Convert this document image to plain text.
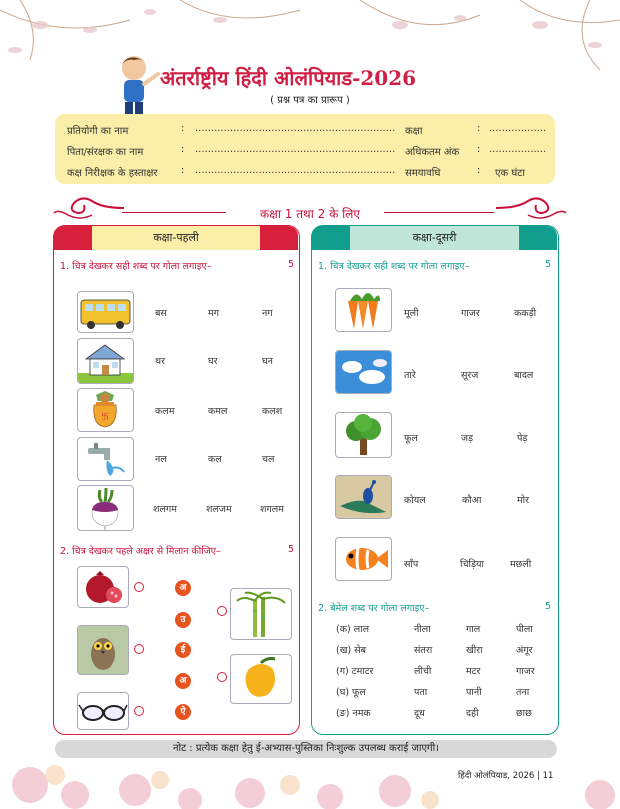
अंतर्राष्ट्रीय हिंदी ओलंपियाड-2026
( प्रश्न पत्र का प्रारूप )
प्रतियोगी का नाम	: ...............................................................
पिता/संरक्षक का नाम	: ...............................................................
कक्ष निरीक्षक के हस्ताक्षर : ...............................................................
कक्षा	: ..................
अधिकतम अंक : ..................
समयावधि	: एक घंटा
कक्षा 1 तथा 2 के लिए
कक्षा-पहली
1. चित्र देखकर सही शब्द पर गोला लगाइए–	5
बस	मग	नग
थर	घर	घन
卐	कलम	कमल	कलश
नल	कल	चल
शलगम	शलजम	शगलम
2. चित्र देखकर पहले अक्षर से मिलान कीजिए–	5
अ
उ
ई
अ
ऐ
कक्षा-दूसरी
1. चित्र देखकर सही शब्द पर गोला लगाइए–	5
मूली	गाजर	ककड़ी
तारे	सूरज	बादल
फूल	जड़	पेड़
कोयल	कौआ	मोर
साँप	चिड़िया	मछली
2. बेमेल शब्द पर गोला लगाइए–	5
(क) लाल	नीला	गाल	पीला
(ख) सेब	संतरा	खीरा	अंगूर
(ग) टमाटर	लीची	मटर	गाजर
(घ) फूल	पता	पानी	तना
(ङ) नमक	दूध	दही	छाछ
नोट : प्रत्येक कक्षा हेतु ई-अभ्यास-पुस्तिका निःशुल्क उपलब्ध कराई जाएगी।
हिंदी ओलंपियाड, 2026 | 11
